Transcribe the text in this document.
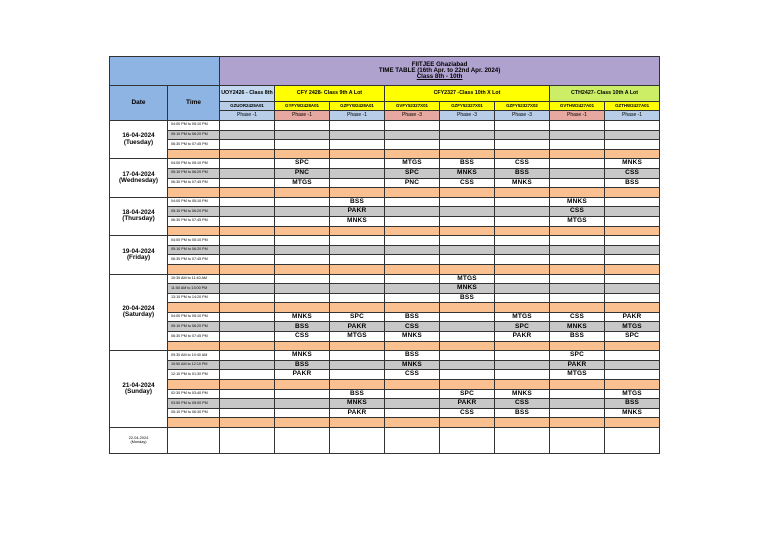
		FIITJEE Ghaziabad
TIME TABLE (16th Apr. to 22nd Apr. 2024)
Class 8th - 10th							

Date	Time	UOY2426 - Class 8th	CFY 2428- Class 9th A Lot		CFY2327 -Class 10th X Lot			CTH2427- Class 10th A Lot	
		GZUOR2425A01	GYFYW2428A01	GZFYW2428A01	GVFY52327X01	GZFY52327X01	GZFY52327X02	GVTHW2427A01	GZTHW2427A01
		Phase -1	Phase -1	Phase -1	Phase -3	Phase -3	Phase -3	Phase -1	Phase -1

16-04-2024
(Tuesday)	04:00 PM to 05:10 PM								
	05:10 PM to 06:20 PM								
	06:30 PM to 07:45 PM								

17-04-2024
(Wednesday)	04:00 PM to 05:10 PM		SPC		MTGS	BSS	CSS		MNKS
	05:10 PM to 06:20 PM		PNC		SPC	MNKS	BSS		CSS
	06:30 PM to 07:45 PM		MTGS		PNC	CSS	MNKS		BSS

18-04-2024
(Thursday)	04:00 PM to 05:10 PM			BSS				MNKS	
	05:10 PM to 06:20 PM			PAKR				CSS	
	06:30 PM to 07:45 PM			MNKS				MTGS	

19-04-2024
(Friday)	04:00 PM to 05:10 PM								
	05:10 PM to 06:20 PM								
	06:30 PM to 07:45 PM								

20-04-2024
(Saturday)	10:30 AM to 11:40 AM					MTGS			
	11:50 AM to 13:00 PM					MNKS			
	13:10 PM to 14:20 PM					BSS			

	04:00 PM to 05:10 PM		MNKS	SPC	BSS		MTGS	CSS	PAKR
	05:10 PM to 06:20 PM		BSS	PAKR	CSS		SPC	MNKS	MTGS
	06:30 PM to 07:45 PM		CSS	MTGS	MNKS		PAKR	BSS	SPC

21-04-2024
(Sunday)	09:30 AM to 10:40 AM		MNKS		BSS			SPC	
	10:50 AM to 12:10 PM		BSS		MNKS			PAKR	
	12:10 PM to 01:30 PM		PAKR		CSS			MTGS	

	02:30 PM to 03:40 PM			BSS		SPC	MNKS		MTGS
	03:50 PM to 05:00 PM			MNKS		PAKR	CSS		BSS
	05:10 PM to 06:30 PM			PAKR		CSS	BSS		MNKS

22-04-2024
(Monday)									
